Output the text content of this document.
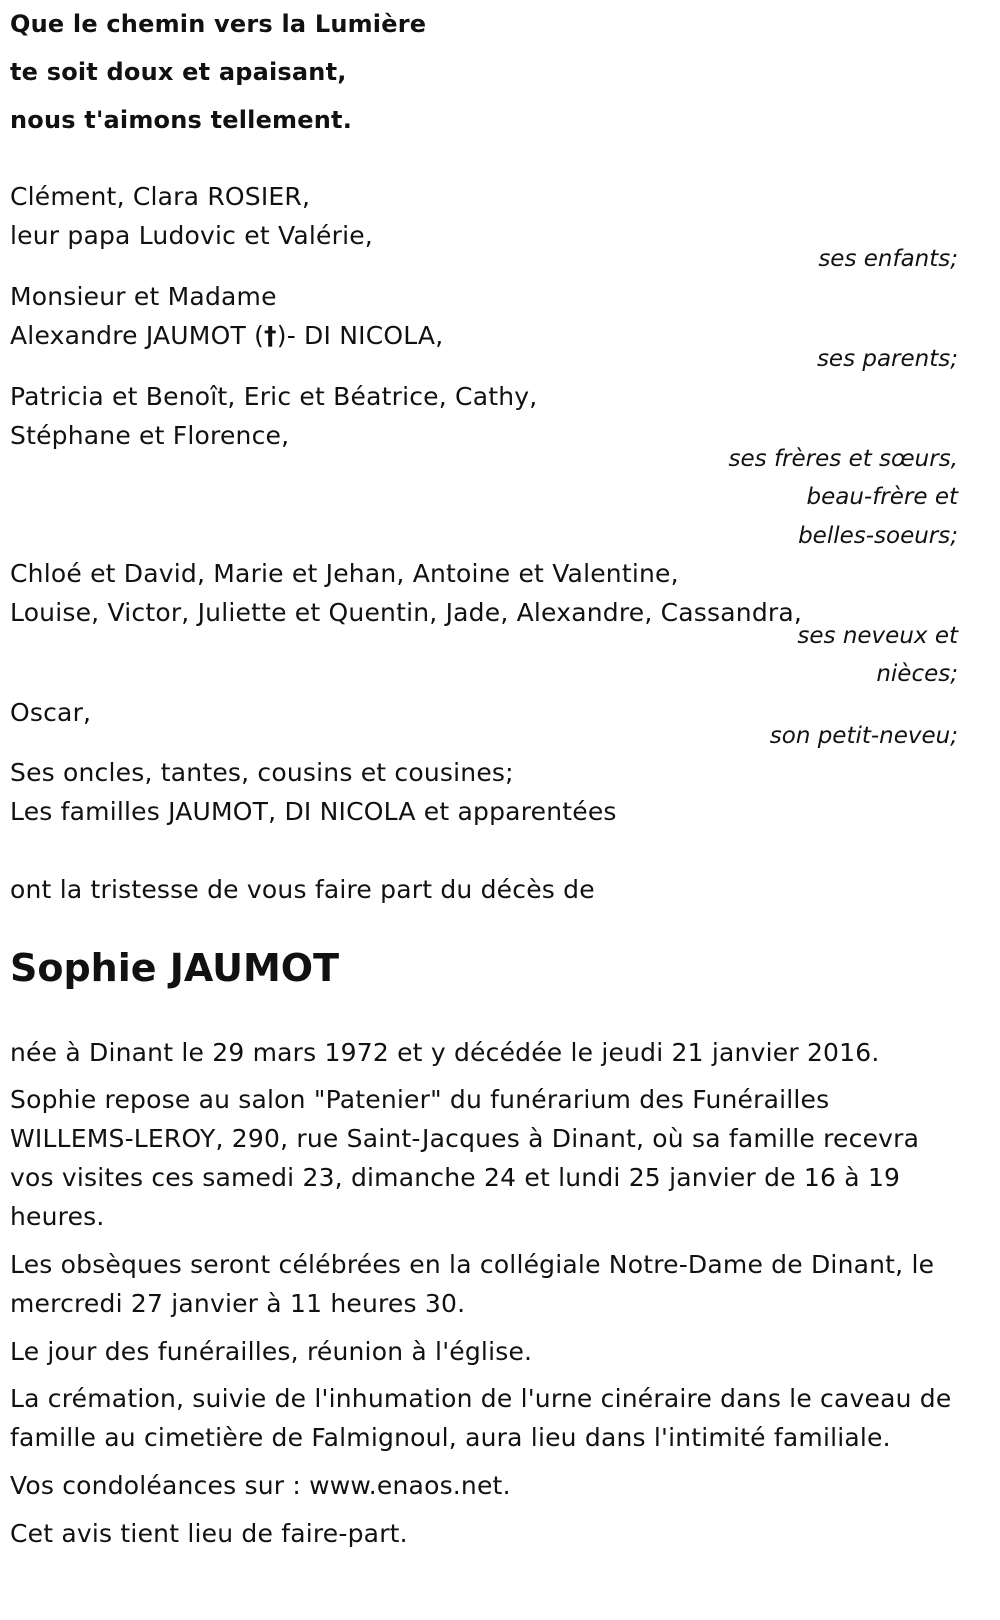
Que le chemin vers la Lumière
te soit doux et apaisant,
nous t'aimons tellement.
Clément, Clara ROSIER,
leur papa Ludovic et Valérie,
ses enfants;
Monsieur et Madame
Alexandre JAUMOT (†)- DI NICOLA,
ses parents;
Patricia et Benoît, Eric et Béatrice, Cathy,
Stéphane et Florence,
ses frères et sœurs,
beau-frère et
belles-soeurs;
Chloé et David, Marie et Jehan, Antoine et Valentine,
Louise, Victor, Juliette et Quentin, Jade, Alexandre, Cassandra,
ses neveux et
nièces;
Oscar,
son petit-neveu;
Ses oncles, tantes, cousins et cousines;
Les familles JAUMOT, DI NICOLA et apparentées
ont la tristesse de vous faire part du décès de
Sophie JAUMOT
née à Dinant le 29 mars 1972 et y décédée le jeudi 21 janvier 2016.
Sophie repose au salon "Patenier" du funérarium des Funérailles
WILLEMS-LEROY, 290, rue Saint-Jacques à Dinant, où sa famille recevra
vos visites ces samedi 23, dimanche 24 et lundi 25 janvier de 16 à 19
heures.
Les obsèques seront célébrées en la collégiale Notre-Dame de Dinant, le
mercredi 27 janvier à 11 heures 30.
Le jour des funérailles, réunion à l'église.
La crémation, suivie de l'inhumation de l'urne cinéraire dans le caveau de
famille au cimetière de Falmignoul, aura lieu dans l'intimité familiale.
Vos condoléances sur : www.enaos.net.
Cet avis tient lieu de faire-part.
